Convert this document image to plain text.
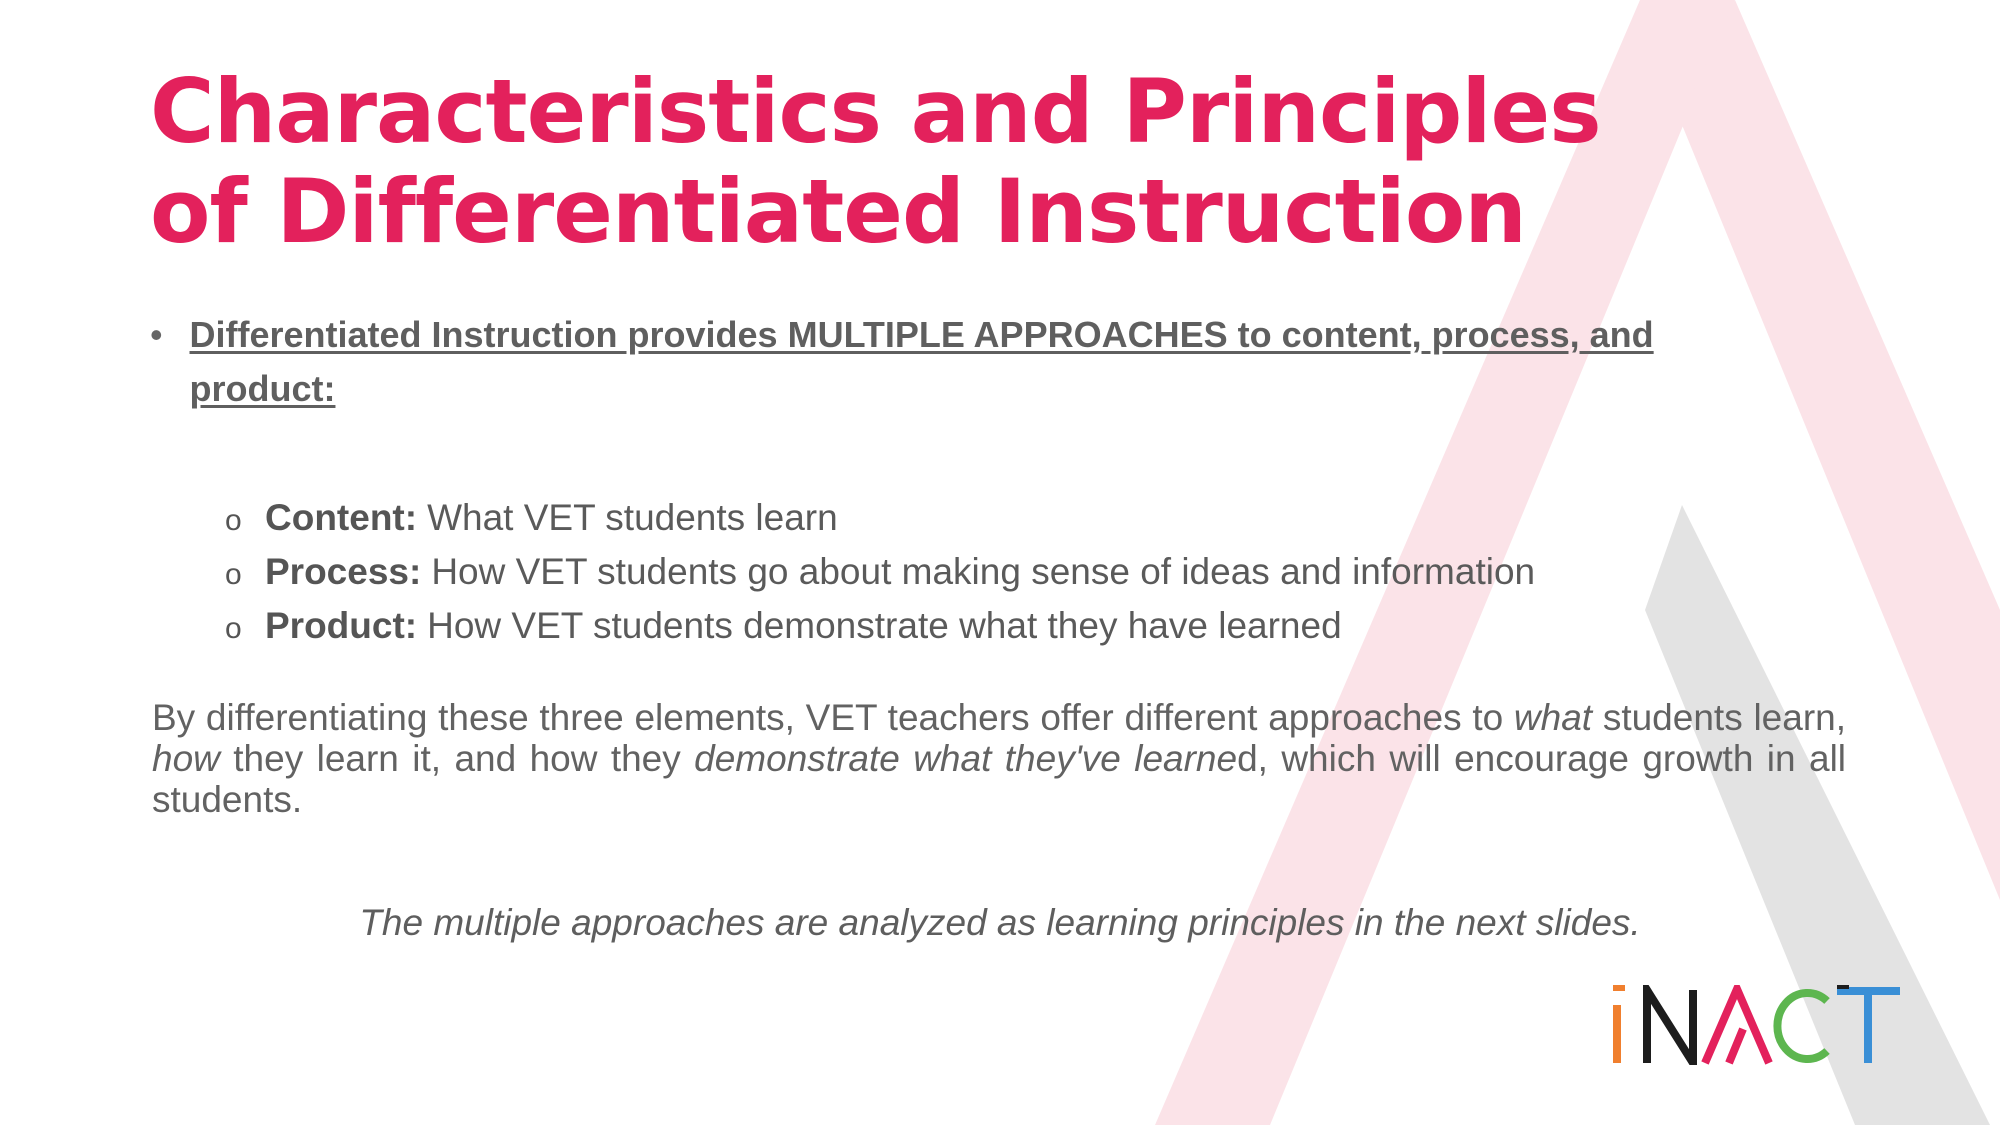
Characteristics and Principles of Differentiated Instruction
• Differentiated Instruction provides MULTIPLE APPROACHES to content, process, and product:
o Content: What VET students learn
o Process: How VET students go about making sense of ideas and information
o Product: How VET students demonstrate what they have learned

By differentiating these three elements, VET teachers offer different approaches to what students learn, how they learn it, and how they demonstrate what they've learned, which will encourage growth in all students.

The multiple approaches are analyzed as learning principles in the next slides.
